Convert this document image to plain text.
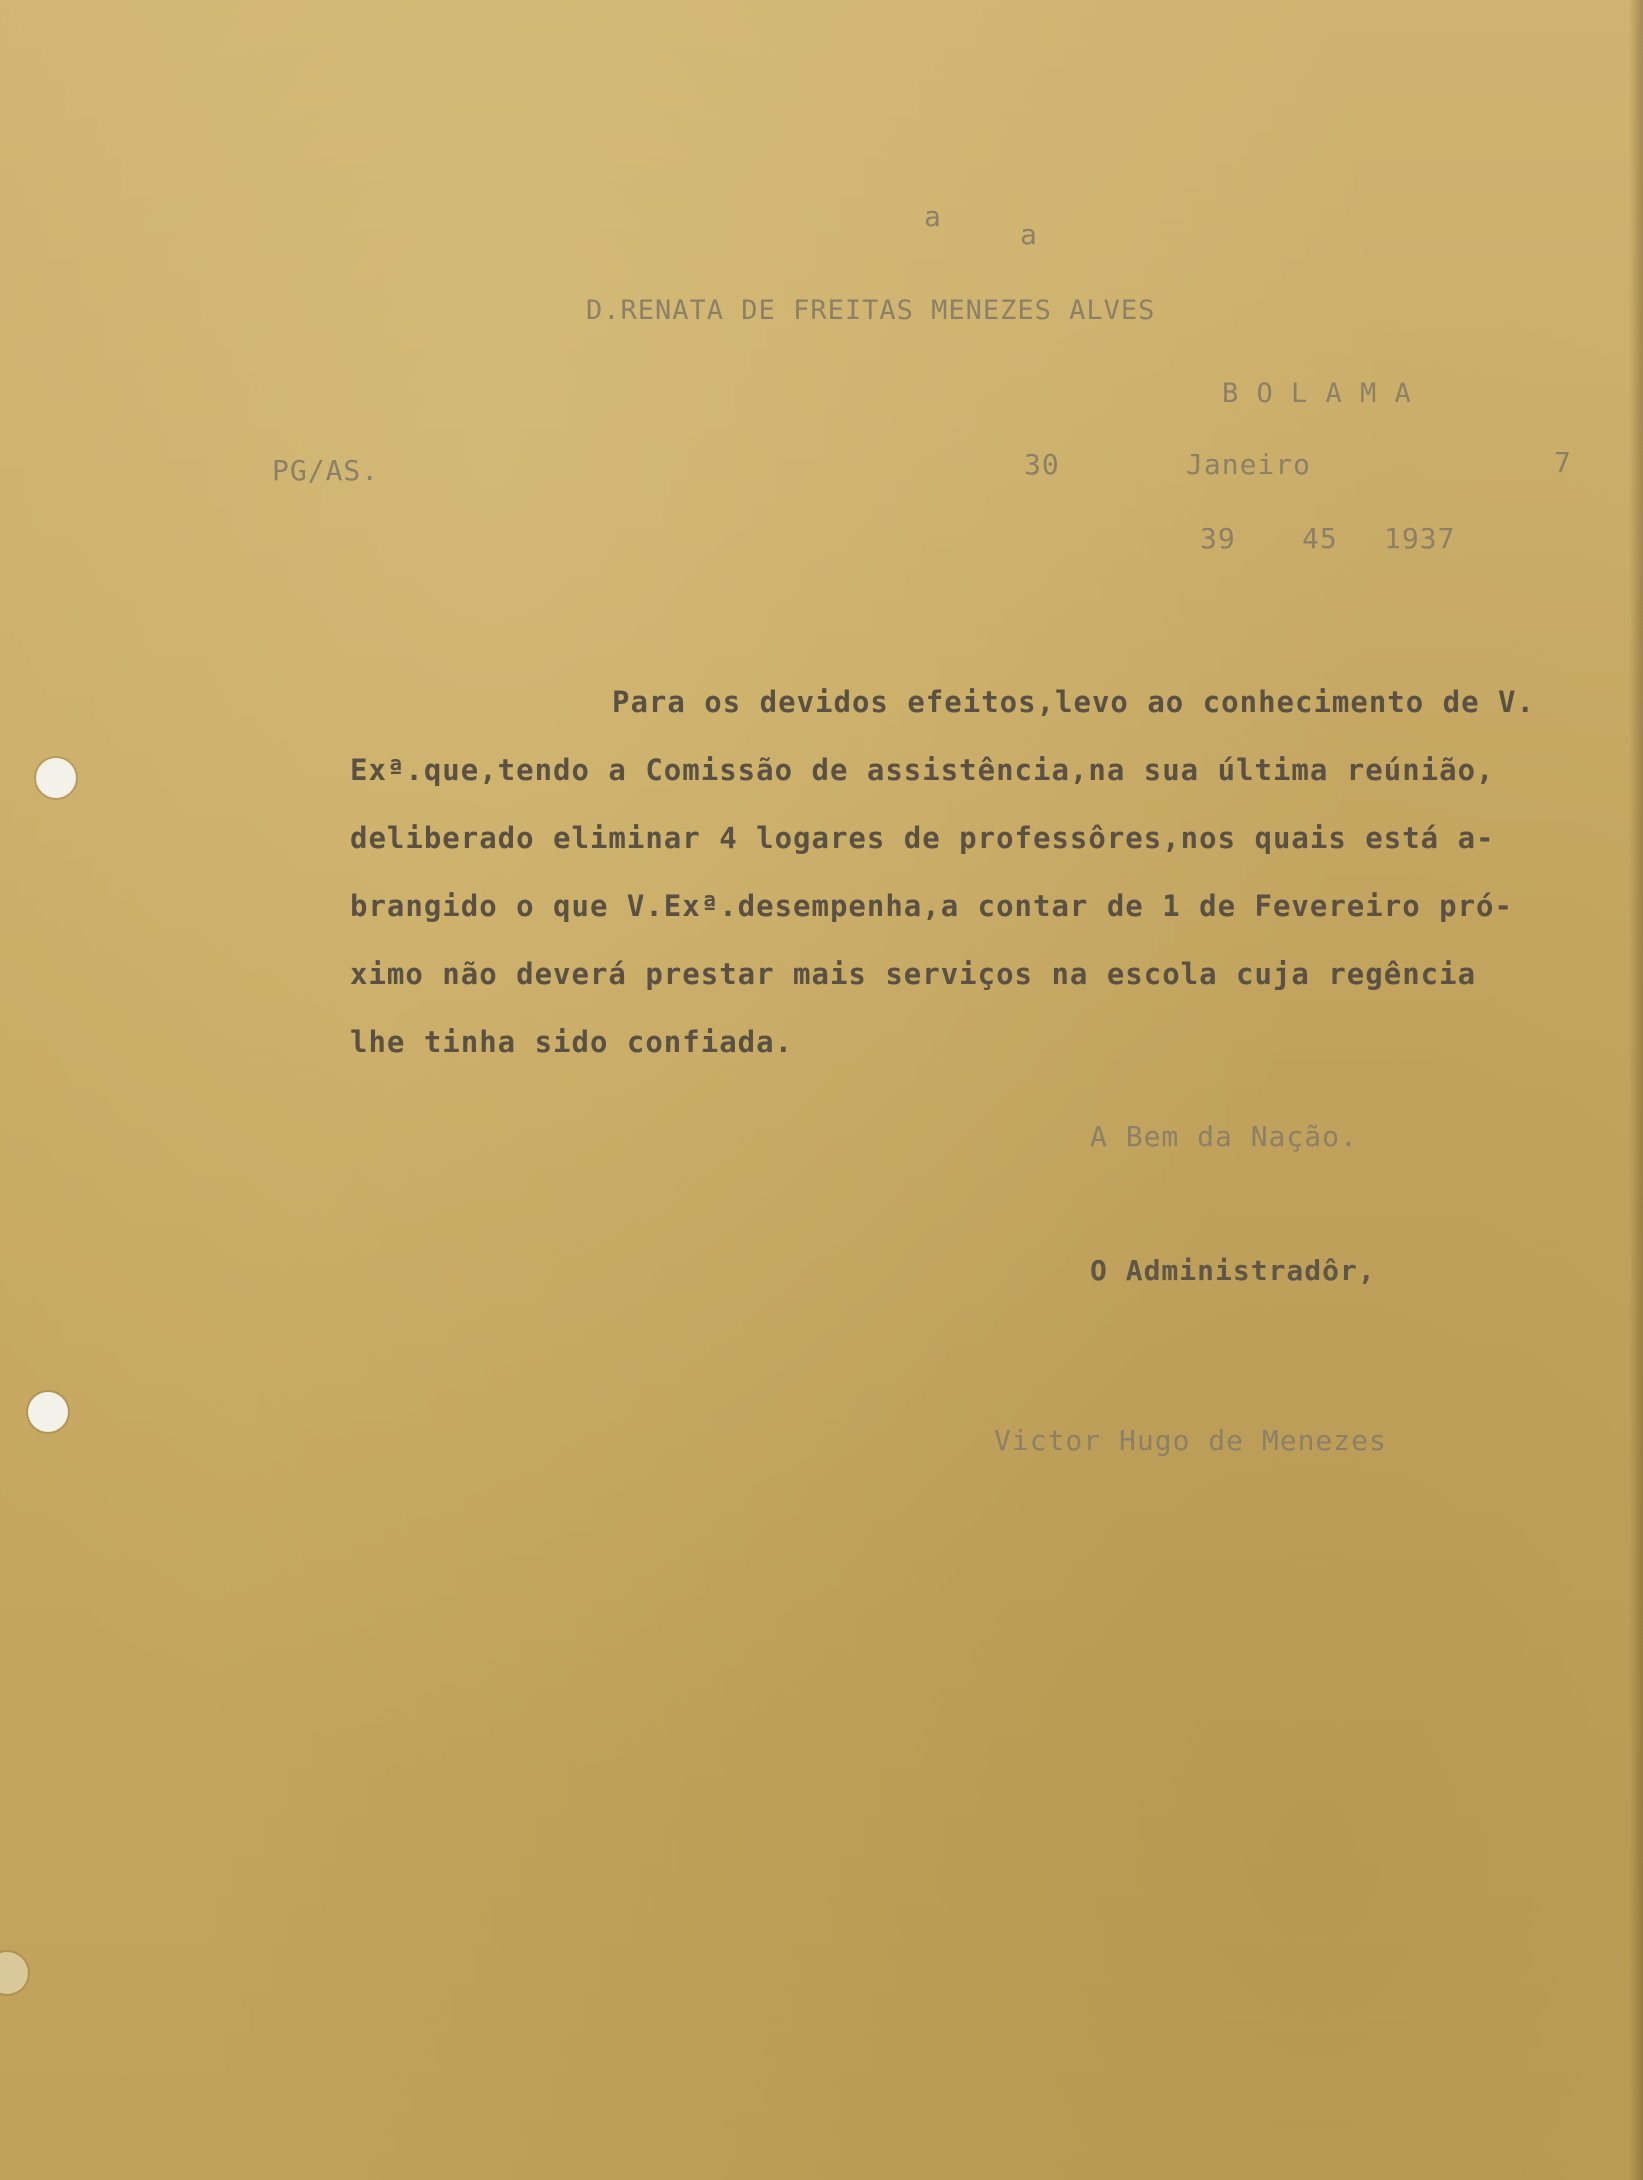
a
a
D.RENATA DE FREITAS MENEZES ALVES
B O L A M A
PG/AS.	30	Janeiro	7
39 45 1937
Para os devidos efeitos,levo ao conhecimento de V.
Exª.que,tendo a Comissão de assistência,na sua última reúnião,
deliberado eliminar 4 logares de professôres,nos quais está a-
brangido o que V.Exª.desempenha,a contar de 1 de Fevereiro pró-
ximo não deverá prestar mais serviços na escola cuja regência
lhe tinha sido confiada.
A Bem da Nação.
O Administradôr,
Victor Hugo de Menezes
